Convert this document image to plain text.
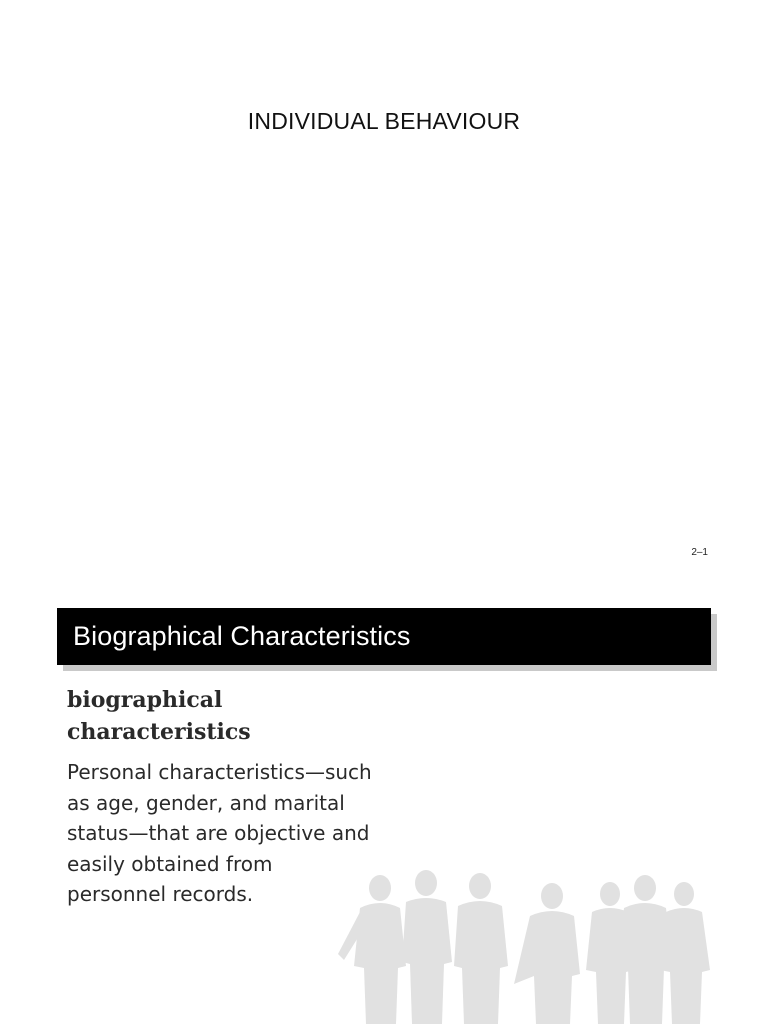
INDIVIDUAL BEHAVIOUR
2–1
Biographical Characteristics
biographical characteristics
Personal characteristics—such as age, gender, and marital status—that are objective and easily obtained from personnel records.
